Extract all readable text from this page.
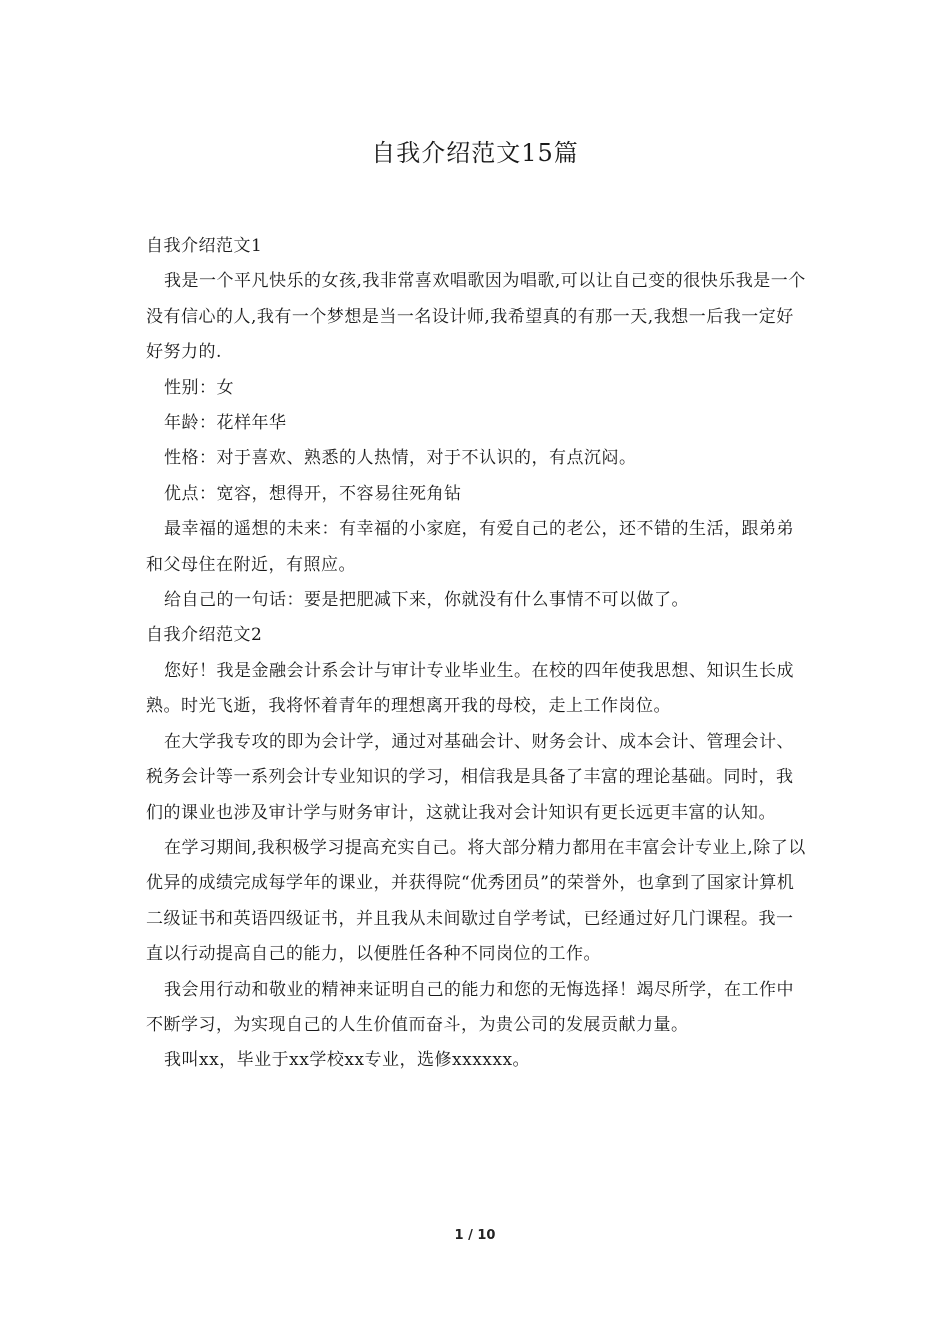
自我介绍范文15篇

自我介绍范文1

我是一个平凡快乐的女孩,我非常喜欢唱歌因为唱歌,可以让自己变的很快乐我是一个没有信心的人,我有一个梦想是当一名设计师,我希望真的有那一天,我想一后我一定好好努力的.

性别：女

年龄：花样年华

性格：对于喜欢、熟悉的人热情，对于不认识的，有点沉闷。

优点：宽容，想得开，不容易往死角钻

最幸福的遥想的未来：有幸福的小家庭，有爱自己的老公，还不错的生活，跟弟弟和父母住在附近，有照应。

给自己的一句话：要是把肥减下来，你就没有什么事情不可以做了。

自我介绍范文2

您好！我是金融会计系会计与审计专业毕业生。在校的四年使我思想、知识生长成熟。时光飞逝，我将怀着青年的理想离开我的母校，走上工作岗位。

在大学我专攻的即为会计学，通过对基础会计、财务会计、成本会计、管理会计、税务会计等一系列会计专业知识的学习，相信我是具备了丰富的理论基础。同时，我们的课业也涉及审计学与财务审计，这就让我对会计知识有更长远更丰富的认知。

在学习期间,我积极学习提高充实自己。将大部分精力都用在丰富会计专业上,除了以优异的成绩完成每学年的课业，并获得院“优秀团员”的荣誉外，也拿到了国家计算机二级证书和英语四级证书，并且我从未间歇过自学考试，已经通过好几门课程。我一直以行动提高自己的能力，以便胜任各种不同岗位的工作。

我会用行动和敬业的精神来证明自己的能力和您的无悔选择！竭尽所学，在工作中不断学习，为实现自己的人生价值而奋斗，为贵公司的发展贡献力量。

我叫xx，毕业于xx学校xx专业，选修xxxxxx。

1 / 10
